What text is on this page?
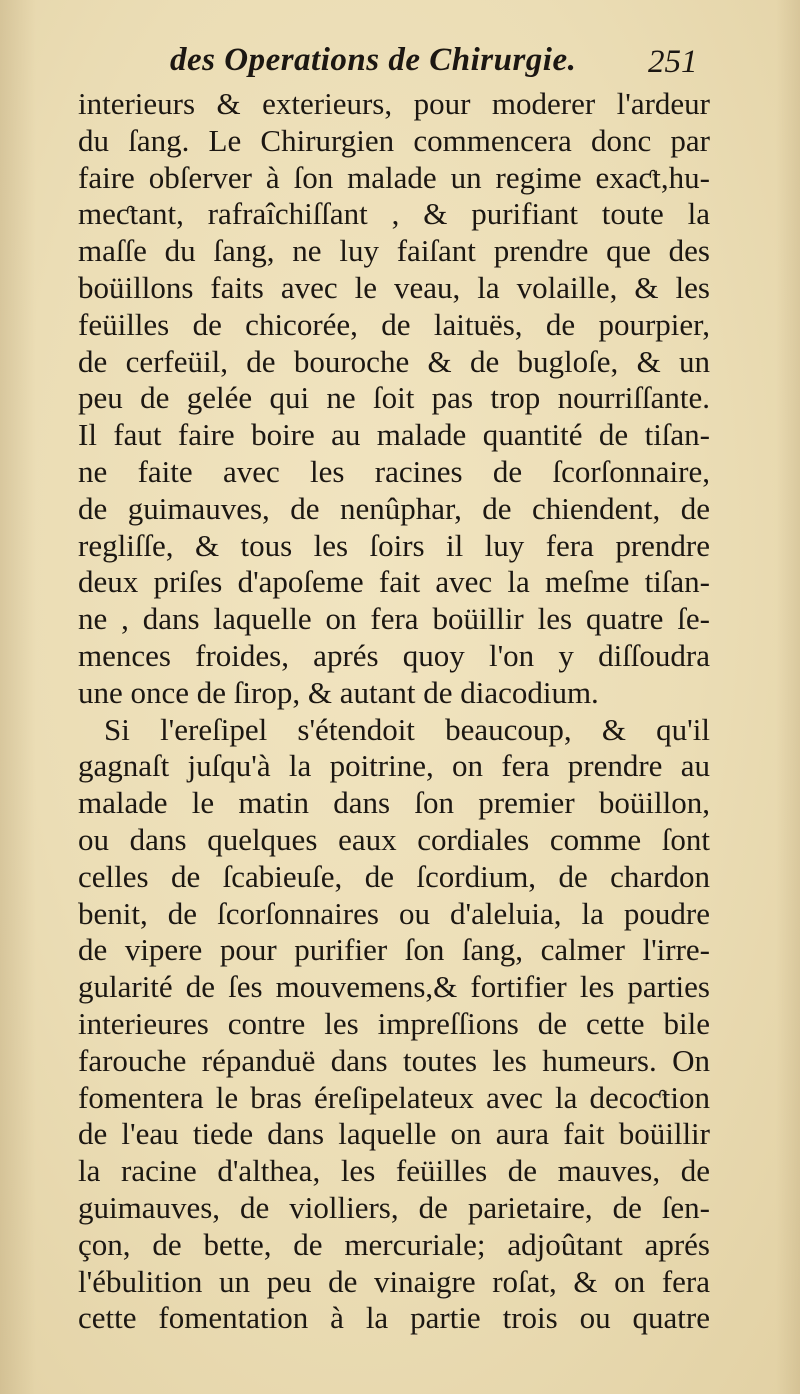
des Operations de Chirurgie. 251
interieurs & exterieurs, pour moderer l'ardeur
du ſang. Le Chirurgien commencera donc par
faire obſerver à ſon malade un regime exaƈt,hu-
meƈtant, rafraîchiſſant , & purifiant toute la
maſſe du ſang, ne luy faiſant prendre que des
boüillons faits avec le veau, la volaille, & les
feüilles de chicorée, de laituës, de pourpier,
de cerfeüil, de bouroche & de bugloſe, & un
peu de gelée qui ne ſoit pas trop nourriſſante.
Il faut faire boire au malade quantité de tiſan-
ne faite avec les racines de ſcorſonnaire,
de guimauves, de nenûphar, de chiendent, de
regliſſe, & tous les ſoirs il luy fera prendre
deux priſes d'apoſeme fait avec la meſme tiſan-
ne , dans laquelle on fera boüillir les quatre ſe-
mences froides, aprés quoy l'on y diſſoudra
une once de ſirop, & autant de diacodium.
Si l'ereſipel s'étendoit beaucoup, & qu'il
gagnaſt juſqu'à la poitrine, on fera prendre au
malade le matin dans ſon premier boüillon,
ou dans quelques eaux cordiales comme ſont
celles de ſcabieuſe, de ſcordium, de chardon
benit, de ſcorſonnaires ou d'aleluia, la poudre
de vipere pour purifier ſon ſang, calmer l'irre-
gularité de ſes mouvemens,& fortifier les parties
interieures contre les impreſſions de cette bile
farouche répanduë dans toutes les humeurs. On
fomentera le bras éreſipelateux avec la decoƈtion
de l'eau tiede dans laquelle on aura fait boüillir
la racine d'althea, les feüilles de mauves, de
guimauves, de violliers, de parietaire, de ſen-
çon, de bette, de mercuriale; adjoûtant aprés
l'ébulition un peu de vinaigre roſat, & on fera
cette fomentation à la partie trois ou quatre
